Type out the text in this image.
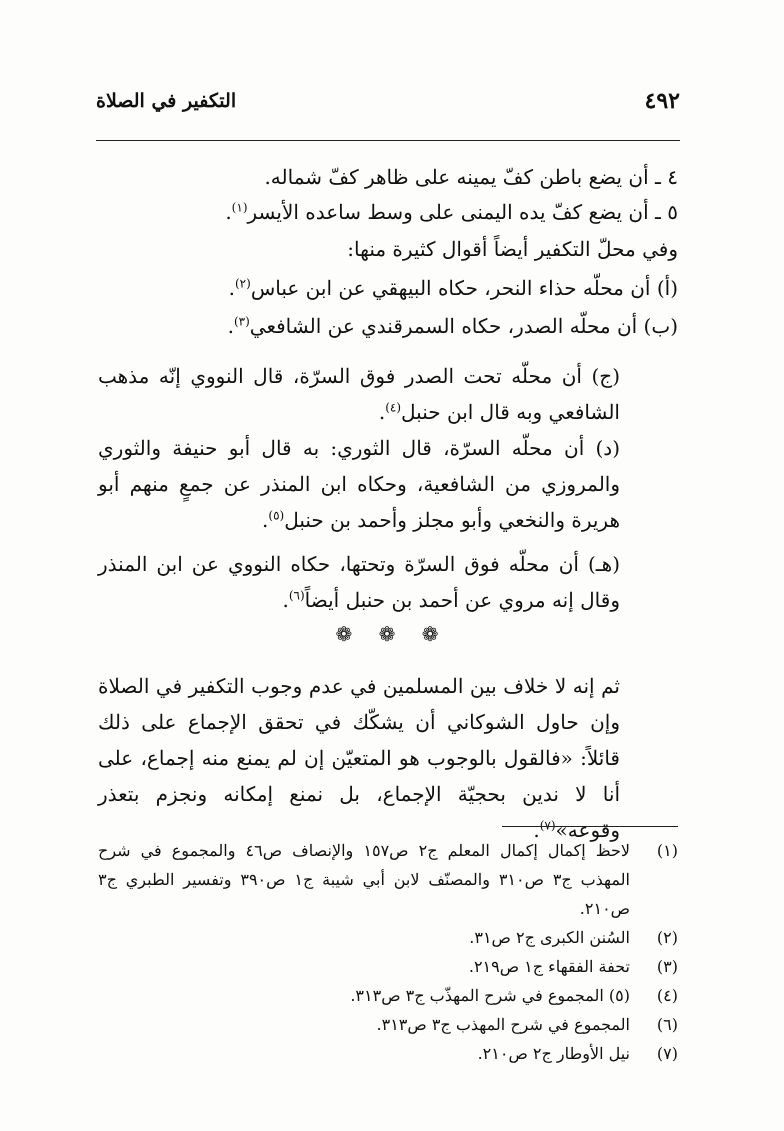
٤٩٢
التكفير في الصلاة
٤ ـ أن يضع باطن كفّ يمينه على ظاهر كفّ شماله.
٥ ـ أن يضع كفّ يده اليمنى على وسط ساعده الأيسر$^{(١)}$.
وفي محلّ التكفير أيضاً أقوال كثيرة منها:
(أ) أن محلّه حذاء النحر، حكاه البيهقي عن ابن عباس$^{(٢)}$.
(ب) أن محلّه الصدر، حكاه السمرقندي عن الشافعي$^{(٣)}$.

(ج) أن محلّه تحت الصدر فوق السرّة، قال النووي إنّه مذهب الشافعي وبه قال ابن حنبل$^{(٤)}$.

(د) أن محلّه السرّة، قال الثوري: به قال أبو حنيفة والثوري والمروزي من الشافعية، وحكاه ابن المنذر عن جمعٍ منهم أبو هريرة والنخعي وأبو مجلز وأحمد بن حنبل$^{(٥)}$.

(هـ) أن محلّه فوق السرّة وتحتها، حكاه النووي عن ابن المنذر وقال إنه مروي عن أحمد بن حنبل أيضاً$^{(٦)}$.

❁ ❁ ❁

ثم إنه لا خلاف بين المسلمين في عدم وجوب التكفير في الصلاة وإن حاول الشوكاني أن يشكّك في تحقق الإجماع على ذلك قائلاً: «فالقول بالوجوب هو المتعيّن إن لم يمنع منه إجماع، على أنا لا ندين بحجيّة الإجماع، بل نمنع إمكانه ونجزم بتعذر وقوعه»$^{(٧)}$.

(١)
لاحظ إكمال إكمال المعلم ج٢ ص١٥٧ والإنصاف ص٤٦ والمجموع في شرح المهذب ج٣ ص٣١٠ والمصنّف لابن أبي شيبة ج١ ص٣٩٠ وتفسير الطبري ج٣ ص٢١٠.
(٢)
السُنن الكبرى ج٢ ص٣١.
(٣)
تحفة الفقهاء ج١ ص٢١٩.
(٤)
(٥) المجموع في شرح المهذّب ج٣ ص٣١٣.
(٦)
المجموع في شرح المهذب ج٣ ص٣١٣.
(٧)
نيل الأوطار ج٢ ص٢١٠.
